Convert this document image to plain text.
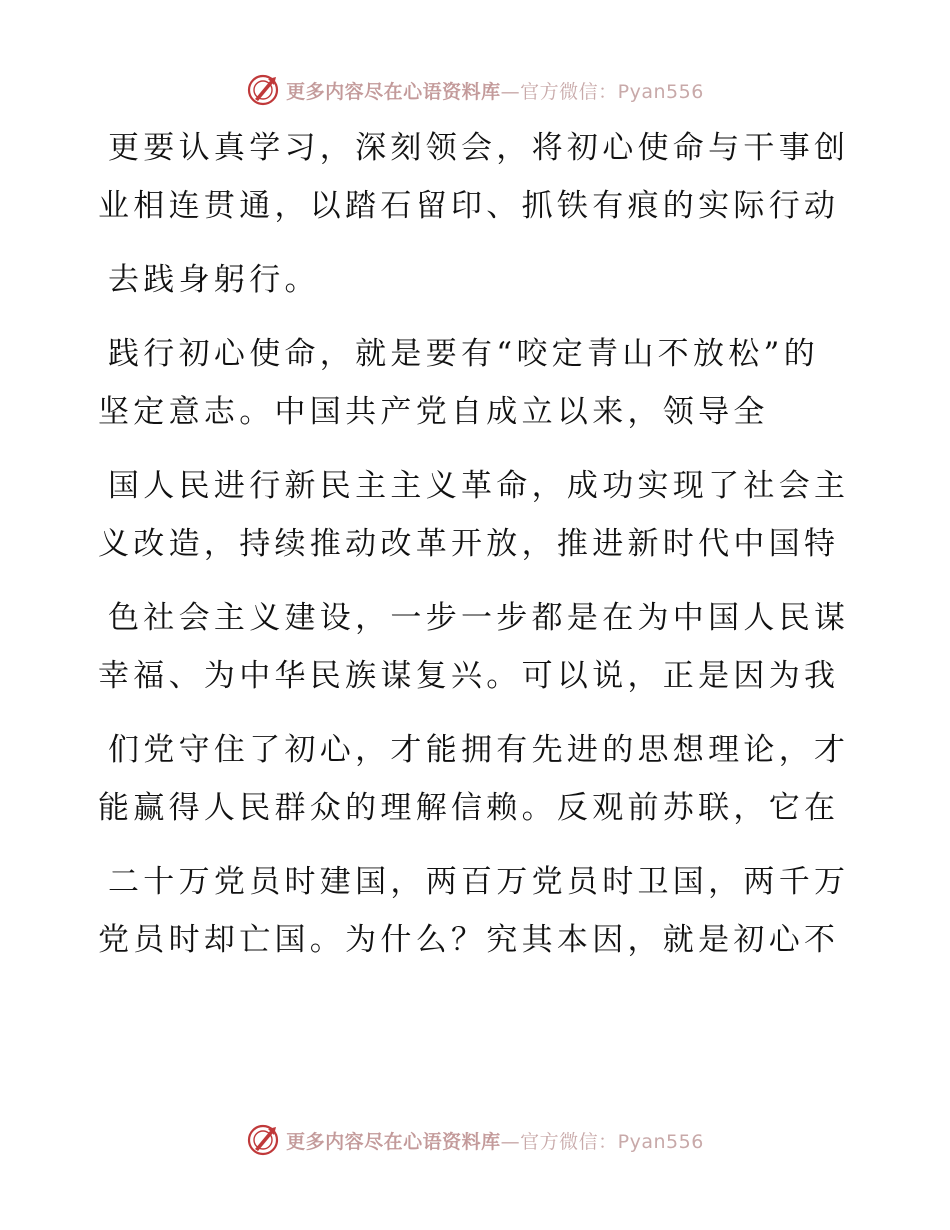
更多内容尽在心语资料库—官方微信：Pyan556
更要认真学习，深刻领会，将初心使命与干事创
业相连贯通，以踏石留印、抓铁有痕的实际行动
去践身躬行。
践行初心使命，就是要有“咬定青山不放松”的
坚定意志。中国共产党自成立以来，领导全
国人民进行新民主主义革命，成功实现了社会主
义改造，持续推动改革开放，推进新时代中国特
色社会主义建设，一步一步都是在为中国人民谋
幸福、为中华民族谋复兴。可以说，正是因为我
们党守住了初心，才能拥有先进的思想理论，才
能赢得人民群众的理解信赖。反观前苏联，它在
二十万党员时建国，两百万党员时卫国，两千万
党员时却亡国。为什么？究其本因，就是初心不
更多内容尽在心语资料库—官方微信：Pyan556
